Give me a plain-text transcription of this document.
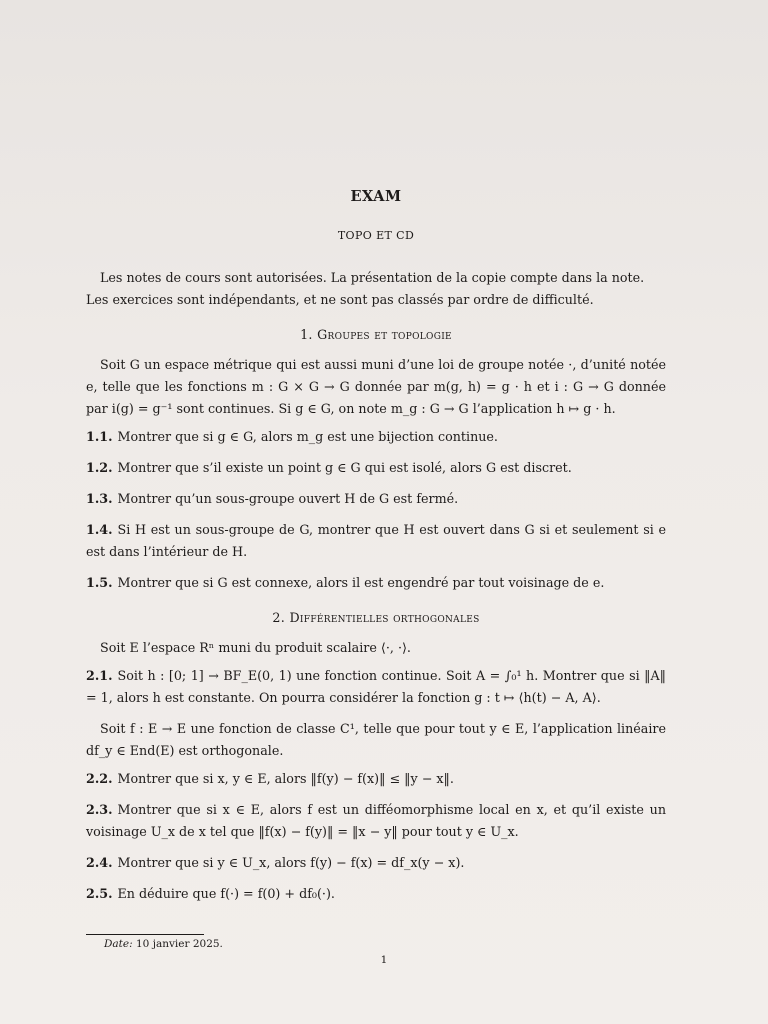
EXAM
TOPO ET CD

Les notes de cours sont autorisées. La présentation de la copie compte dans la note.

Les exercices sont indépendants, et ne sont pas classés par ordre de difficulté.

1. Groupes et topologie

Soit G un espace métrique qui est aussi muni d’une loi de groupe notée ·, d’unité notée e, telle que les fonctions m : G × G → G donnée par m(g, h) = g · h et i : G → G donnée par i(g) = g⁻¹ sont continues. Si g ∈ G, on note m_g : G → G l’application h ↦ g · h.

1.1. Montrer que si g ∈ G, alors m_g est une bijection continue.

1.2. Montrer que s’il existe un point g ∈ G qui est isolé, alors G est discret.

1.3. Montrer qu’un sous-groupe ouvert H de G est fermé.

1.4. Si H est un sous-groupe de G, montrer que H est ouvert dans G si et seulement si e est dans l’intérieur de H.

1.5. Montrer que si G est connexe, alors il est engendré par tout voisinage de e.

2. Différentielles orthogonales

Soit E l’espace Rⁿ muni du produit scalaire ⟨·, ·⟩.

2.1. Soit h : [0; 1] → BF_E(0, 1) une fonction continue. Soit A = ∫₀¹ h. Montrer que si ‖A‖ = 1, alors h est constante. On pourra considérer la fonction g : t ↦ ⟨h(t) − A, A⟩.

Soit f : E → E une fonction de classe C¹, telle que pour tout y ∈ E, l’application linéaire df_y ∈ End(E) est orthogonale.

2.2. Montrer que si x, y ∈ E, alors ‖f(y) − f(x)‖ ≤ ‖y − x‖.

2.3. Montrer que si x ∈ E, alors f est un difféomorphisme local en x, et qu’il existe un voisinage U_x de x tel que ‖f(x) − f(y)‖ = ‖x − y‖ pour tout y ∈ U_x.

2.4. Montrer que si y ∈ U_x, alors f(y) − f(x) = df_x(y − x).

2.5. En déduire que f(·) = f(0) + df₀(·).

Date: 10 janvier 2025.
1
